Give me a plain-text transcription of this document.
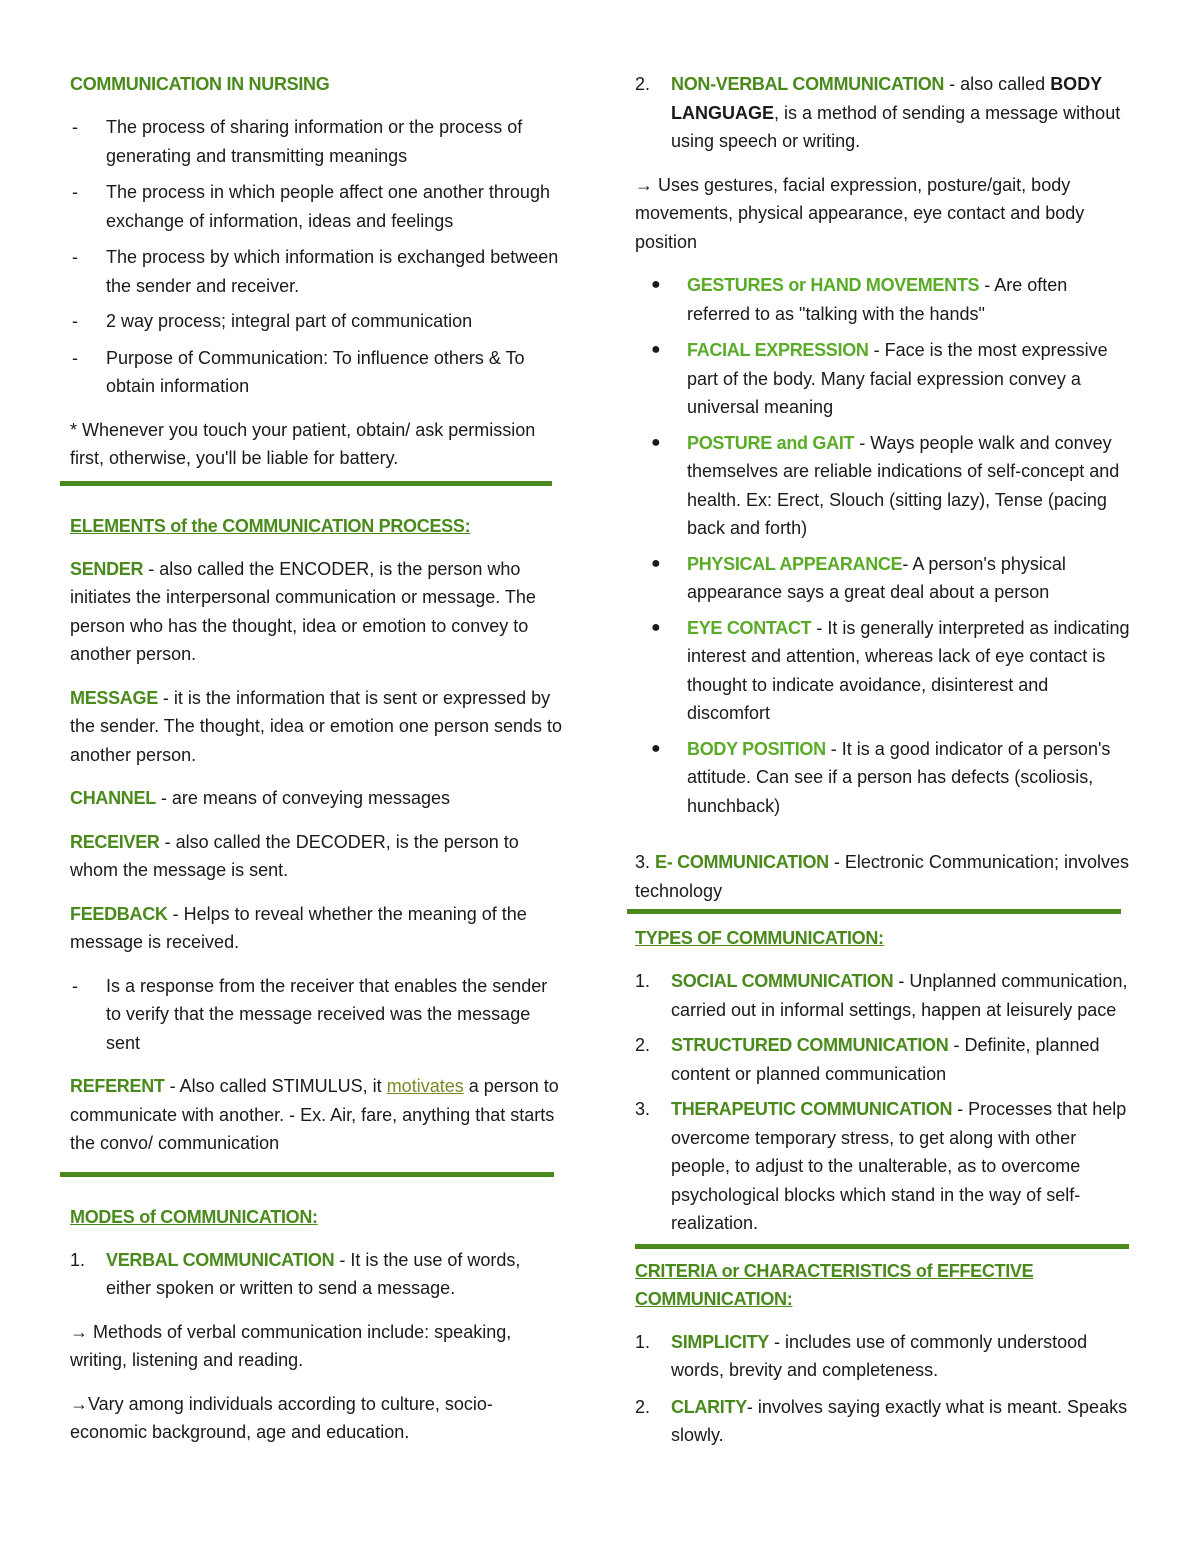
COMMUNICATION IN NURSING
- The process of sharing information or the process of generating and transmitting meanings
- The process in which people affect one another through exchange of information, ideas and feelings
- The process by which information is exchanged between the sender and receiver.
- 2 way process; integral part of communication
- Purpose of Communication: To influence others & To obtain information

* Whenever you touch your patient, obtain/ ask permission first, otherwise, you'll be liable for battery.

ELEMENTS of the COMMUNICATION PROCESS:

SENDER - also called the ENCODER, is the person who initiates the interpersonal communication or message. The person who has the thought, idea or emotion to convey to another person.

MESSAGE - it is the information that is sent or expressed by the sender. The thought, idea or emotion one person sends to another person.

CHANNEL - are means of conveying messages

RECEIVER - also called the DECODER, is the person to whom the message is sent.

FEEDBACK - Helps to reveal whether the meaning of the message is received.

- Is a response from the receiver that enables the sender to verify that the message received was the message sent

REFERENT - Also called STIMULUS, it motivates a person to communicate with another. - Ex. Air, fare, anything that starts the convo/ communication

MODES of COMMUNICATION:
1. VERBAL COMMUNICATION - It is the use of words, either spoken or written to send a message.

→ Methods of verbal communication include: speaking, writing, listening and reading.

→Vary among individuals according to culture, socio-economic background, age and education.

2. NON-VERBAL COMMUNICATION - also called BODY LANGUAGE, is a method of sending a message without using speech or writing.

→ Uses gestures, facial expression, posture/gait, body movements, physical appearance, eye contact and body position

● GESTURES or HAND MOVEMENTS - Are often referred to as "talking with the hands"
● FACIAL EXPRESSION - Face is the most expressive part of the body. Many facial expression convey a universal meaning
● POSTURE and GAIT - Ways people walk and convey themselves are reliable indications of self-concept and health. Ex: Erect, Slouch (sitting lazy), Tense (pacing back and forth)
● PHYSICAL APPEARANCE- A person's physical appearance says a great deal about a person
● EYE CONTACT - It is generally interpreted as indicating interest and attention, whereas lack of eye contact is thought to indicate avoidance, disinterest and discomfort
● BODY POSITION - It is a good indicator of a person's attitude. Can see if a person has defects (scoliosis, hunchback)

3. E- COMMUNICATION - Electronic Communication; involves technology

TYPES OF COMMUNICATION:
1. SOCIAL COMMUNICATION - Unplanned communication, carried out in informal settings, happen at leisurely pace
2. STRUCTURED COMMUNICATION - Definite, planned content or planned communication
3. THERAPEUTIC COMMUNICATION - Processes that help overcome temporary stress, to get along with other people, to adjust to the unalterable, as to overcome psychological blocks which stand in the way of self-realization.
CRITERIA or CHARACTERISTICS of EFFECTIVE COMMUNICATION:
1. SIMPLICITY - includes use of commonly understood words, brevity and completeness.
2. CLARITY- involves saying exactly what is meant. Speaks slowly.
